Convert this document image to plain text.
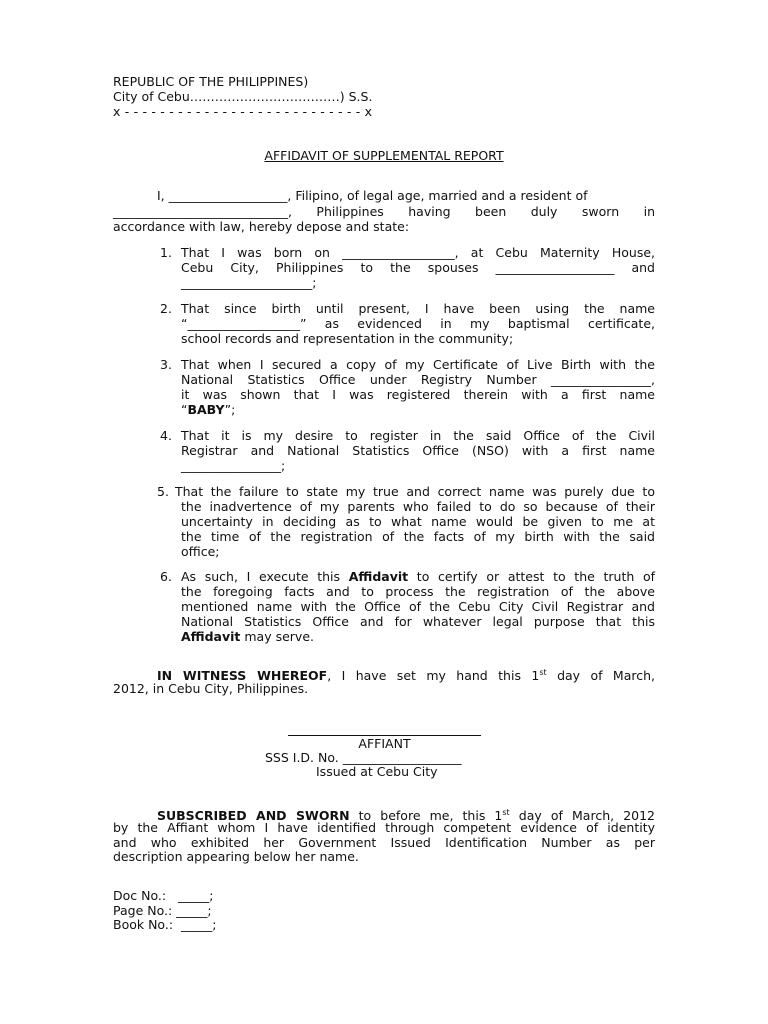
REPUBLIC OF THE PHILIPPINES)
City of Cebu………………………………) S.S.
x - - - - - - - - - - - - - - - - - - - - - - - - - - - x
AFFIDAVIT OF SUPPLEMENTAL REPORT
I, ___________________, Filipino, of legal age, married and a resident of
____________________________, Philippines having been duly sworn in
accordance with law, hereby depose and state:
1. That I was born on __________________, at Cebu Maternity House,
Cebu City, Philippines to the spouses ___________________ and
_____________________;
2. That since birth until present, I have been using the name
“__________________” as evidenced in my baptismal certificate,
school records and representation in the community;
3. That when I secured a copy of my Certificate of Live Birth with the
National Statistics Office under Registry Number ________________,
it was shown that I was registered therein with a first name
“BABY”;
4. That it is my desire to register in the said Office of the Civil
Registrar and National Statistics Office (NSO) with a first name
________________;
5. That the failure to state my true and correct name was purely due to
the inadvertence of my parents who failed to do so because of their
uncertainty in deciding as to what name would be given to me at
the time of the registration of the facts of my birth with the said
office;
6. As such, I execute this Affidavit to certify or attest to the truth of
the foregoing facts and to process the registration of the above
mentioned name with the Office of the Cebu City Civil Registrar and
National Statistics Office and for whatever legal purpose that this
Affidavit may serve.
IN WITNESS WHEREOF, I have set my hand this 1st day of March,
2012, in Cebu City, Philippines.
AFFIANT
SSS I.D. No. ___________________
Issued at Cebu City
SUBSCRIBED AND SWORN to before me, this 1st day of March, 2012
by the Affiant whom I have identified through competent evidence of identity
and who exhibited her Government Issued Identification Number as per
description appearing below her name.
Doc No.:   _____;
Page No.: _____;
Book No.:  _____;
